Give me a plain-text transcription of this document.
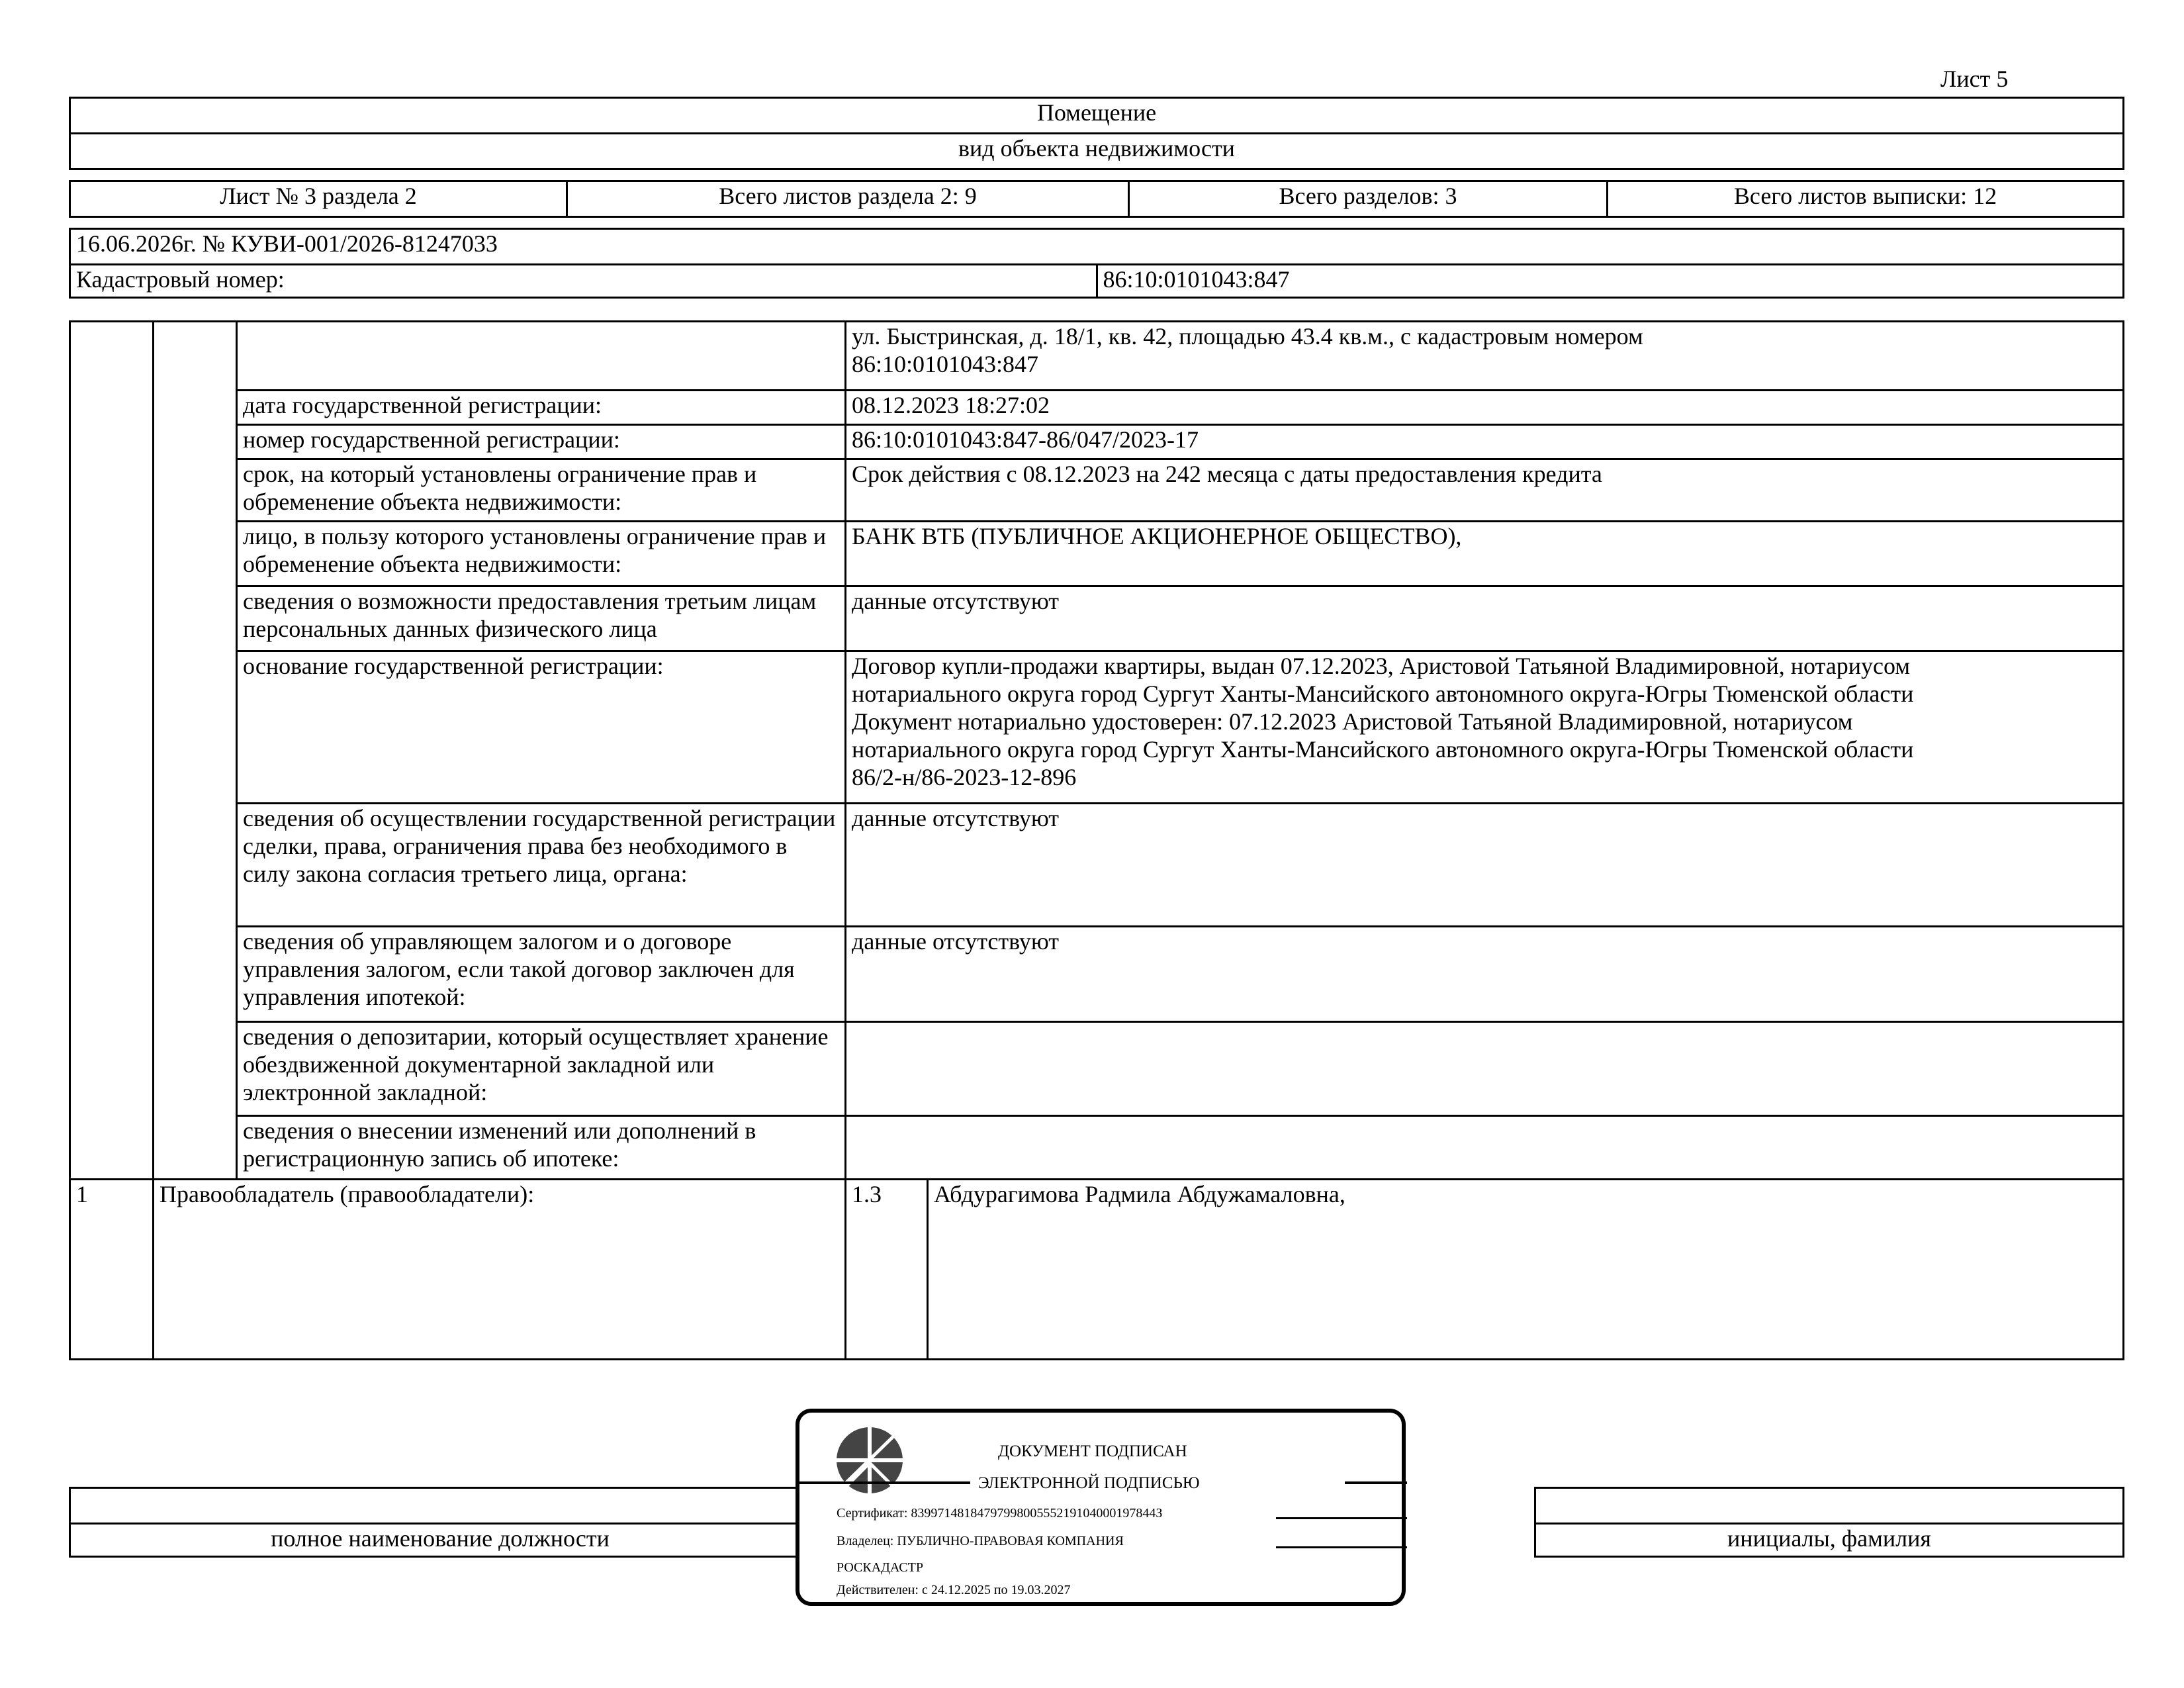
Лист 5
Помещение
вид объекта недвижимости
Лист № 3 раздела 2	Всего листов раздела 2: 9	Всего разделов: 3	Всего листов выписки: 12
16.06.2026г. № КУВИ-001/2026-81247033
Кадастровый номер:	86:10:0101043:847

			ул. Быстринская, д. 18/1, кв. 42, площадью 43.4 кв.м., с кадастровым номером
86:10:0101043:847	

		дата государственной регистрации:	08.12.2023 18:27:02	

		номер государственной регистрации:	86:10:0101043:847-86/047/2023-17	

		срок, на который установлены ограничение прав и обременение объекта недвижимости:	Срок действия с 08.12.2023 на 242 месяца с даты предоставления кредита	

		лицо, в пользу которого установлены ограничение прав и обременение объекта недвижимости:	БАНК ВТБ (ПУБЛИЧНОЕ АКЦИОНЕРНОЕ ОБЩЕСТВО),	

		сведения о возможности предоставления третьим лицам персональных данных физического лица	данные отсутствуют	

		основание государственной регистрации:	Договор купли-продажи квартиры, выдан 07.12.2023, Аристовой Татьяной Владимировной, нотариусом
нотариального округа город Сургут Ханты-Мансийского автономного округа-Югры Тюменской области
Документ нотариально удостоверен: 07.12.2023 Аристовой Татьяной Владимировной, нотариусом
нотариального округа город Сургут Ханты-Мансийского автономного округа-Югры Тюменской области
86/2-н/86-2023-12-896	

		сведения об осуществлении государственной регистрации сделки, права, ограничения права без необходимого в силу закона согласия третьего лица, органа:	данные отсутствуют	

		сведения об управляющем залогом и о договоре управления залогом, если такой договор заключен для управления ипотекой:	данные отсутствуют	

		сведения о депозитарии, который осуществляет хранение обездвиженной документарной закладной или электронной закладной:		
		сведения о внесении изменений или дополнений в регистрационную запись об ипотеке:		
1	Правообладатель (правообладатели):		1.3	Абдурагимова Радмила Абдужамаловна,

полное наименование должности		инициалы, фамилия
ДОКУМЕНТ ПОДПИСАН
ЭЛЕКТРОННОЙ ПОДПИСЬЮ
Сертификат: 8399714818479799800555219104000197844З
Владелец: ПУБЛИЧНО-ПРАВОВАЯ КОМПАНИЯ
РОСКАДАСТР
Действителен: с 24.12.2025 по 19.03.2027
